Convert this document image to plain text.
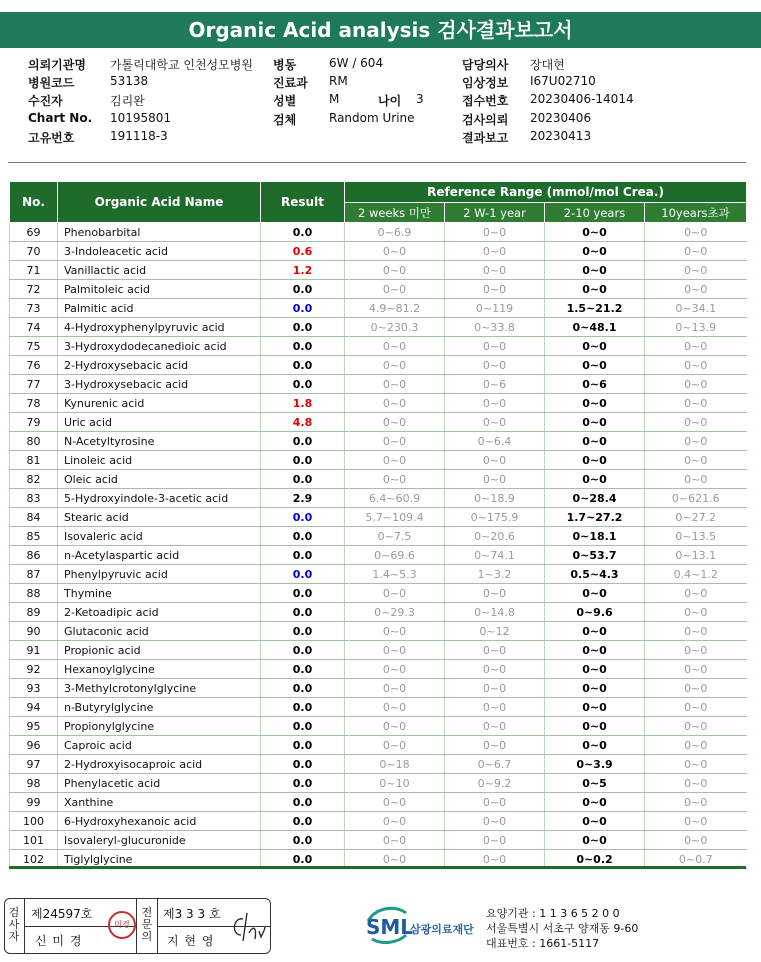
Organic Acid analysis 검사결과보고서
의뢰기관명 가톨릭대학교 인천성모병원 병동	6W / 604	담당의사 장대현
병원코드	53138	진료과 RM	임상정보 I67U02710
수진자	김리완	성별	M	접수번호 20230406-14014
나이 3
Chart No. 10195801	검체	Random Urine	검사의뢰 20230406
고유번호	191118-3	결과보고 20230413
No.	Organic Acid Name	Result	Reference Range (mmol/mol Crea.)			
			2 weeks 미만	2 W-1 year	2-10 years	10years초과
69	Phenobarbital	0.0	0~6.9	0~0	0~0	0~0
70	3-Indoleacetic acid	0.6	0~0	0~0	0~0	0~0
71	Vanillactic acid	1.2	0~0	0~0	0~0	0~0
72	Palmitoleic acid	0.0	0~0	0~0	0~0	0~0
73	Palmitic acid	0.0	4.9~81.2	0~119	1.5~21.2	0~34.1
74	4-Hydroxyphenylpyruvic acid	0.0	0~230.3	0~33.8	0~48.1	0~13.9
75	3-Hydroxydodecanedioic acid	0.0	0~0	0~0	0~0	0~0
76	2-Hydroxysebacic acid	0.0	0~0	0~0	0~0	0~0
77	3-Hydroxysebacic acid	0.0	0~0	0~6	0~6	0~0
78	Kynurenic acid	1.8	0~0	0~0	0~0	0~0
79	Uric acid	4.8	0~0	0~0	0~0	0~0
80	N-Acetyltyrosine	0.0	0~0	0~6.4	0~0	0~0
81	Linoleic acid	0.0	0~0	0~0	0~0	0~0
82	Oleic acid	0.0	0~0	0~0	0~0	0~0
83	5-Hydroxyindole-3-acetic acid	2.9	6.4~60.9	0~18.9	0~28.4	0~621.6
84	Stearic acid	0.0	5.7~109.4	0~175.9	1.7~27.2	0~27.2
85	Isovaleric acid	0.0	0~7.5	0~20.6	0~18.1	0~13.5
86	n-Acetylaspartic acid	0.0	0~69.6	0~74.1	0~53.7	0~13.1
87	Phenylpyruvic acid	0.0	1.4~5.3	1~3.2	0.5~4.3	0.4~1.2
88	Thymine	0.0	0~0	0~0	0~0	0~0
89	2-Ketoadipic acid	0.0	0~29.3	0~14.8	0~9.6	0~0
90	Glutaconic acid	0.0	0~0	0~12	0~0	0~0
91	Propionic acid	0.0	0~0	0~0	0~0	0~0
92	Hexanoylglycine	0.0	0~0	0~0	0~0	0~0
93	3-Methylcrotonylglycine	0.0	0~0	0~0	0~0	0~0
94	n-Butyrylglycine	0.0	0~0	0~0	0~0	0~0
95	Propionylglycine	0.0	0~0	0~0	0~0	0~0
96	Caproic acid	0.0	0~0	0~0	0~0	0~0
97	2-Hydroxyisocaproic acid	0.0	0~18	0~6.7	0~3.9	0~0
98	Phenylacetic acid	0.0	0~10	0~9.2	0~5	0~0
99	Xanthine	0.0	0~0	0~0	0~0	0~0
100	6-Hydroxyhexanoic acid	0.0	0~0	0~0	0~0	0~0
101	Isovaleryl-glucuronide	0.0	0~0	0~0	0~0	0~0
102	Tiglylglycine	0.0	0~0	0~0	0~0.2	0~0.7
검사자
제24597호
신 미 경
미경
전문의
제3 3 3 호
지 현 영
SML
삼광의료재단
요양기관 : 1 1 3 6 5 2 0 0
서울특별시 서초구 양재동 9-60
대표번호 : 1661-5117
